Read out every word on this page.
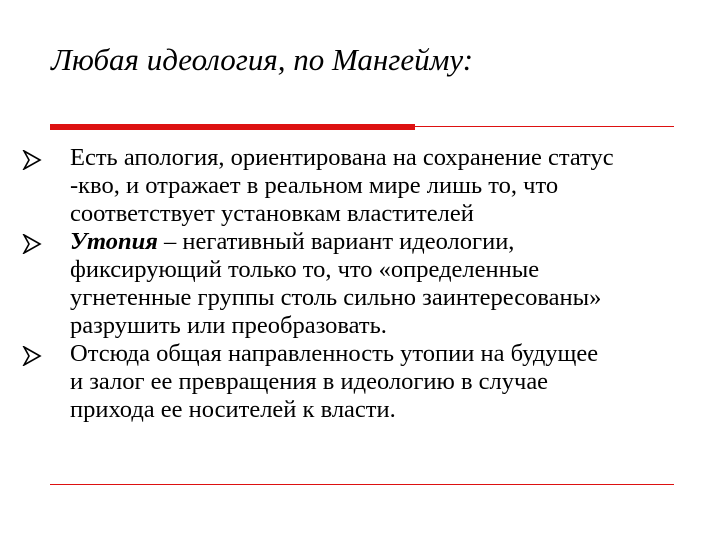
Любая идеология, по Мангейму:
Есть апология, ориентирована на сохранение статус
-кво, и отражает в реальном мире лишь то, что
соответствует установкам властителей
Утопия – негативный вариант идеологии,
фиксирующий только то, что «определенные
угнетенные группы столь сильно заинтересованы»
разрушить или преобразовать.
Отсюда общая направленность утопии на будущее
и залог ее превращения в идеологию в случае
прихода ее носителей к власти.
